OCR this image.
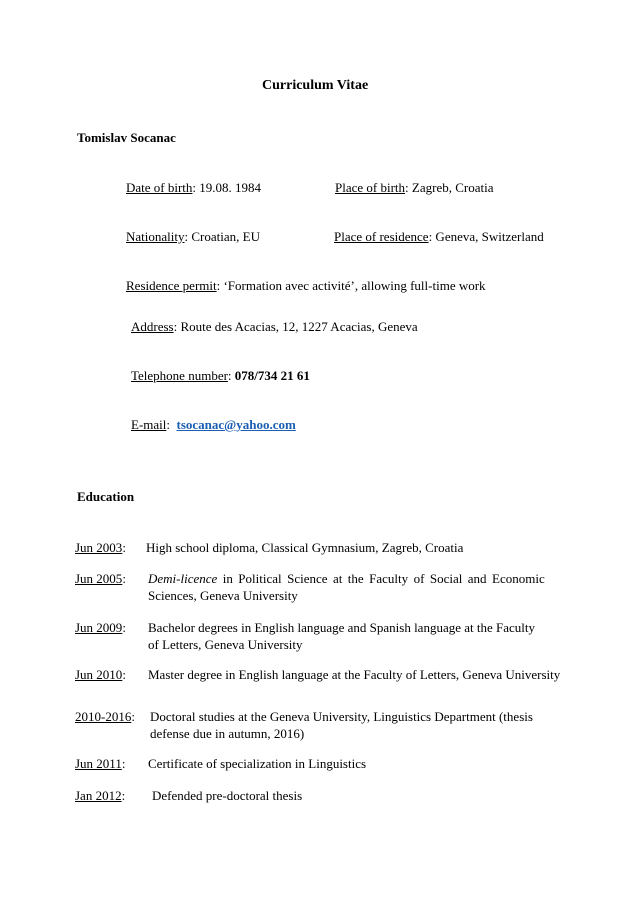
Curriculum Vitae
Tomislav Socanac
Date of birth: 19.08. 1984	Place of birth: Zagreb, Croatia
Nationality: Croatian, EU	Place of residence: Geneva, Switzerland
Residence permit: ‘Formation avec activité’, allowing full-time work
Address: Route des Acacias, 12, 1227 Acacias, Geneva
Telephone number: 078/734 21 61
E-mail:  tsocanac@yahoo.com
Education
Jun 2003: High school diploma, Classical Gymnasium, Zagreb, Croatia
Jun 2005: Demi-licence in Political Science at the Faculty of Social and Economic
Sciences, Geneva University
Jun 2009: Bachelor degrees in English language and Spanish language at the Faculty
of Letters, Geneva University
Jun 2010: Master degree in English language at the Faculty of Letters, Geneva University
2010-2016: Doctoral studies at the Geneva University, Linguistics Department (thesis
defense due in autumn, 2016)
Jun 2011: Certificate of specialization in Linguistics
Jan 2012: Defended pre-doctoral thesis
